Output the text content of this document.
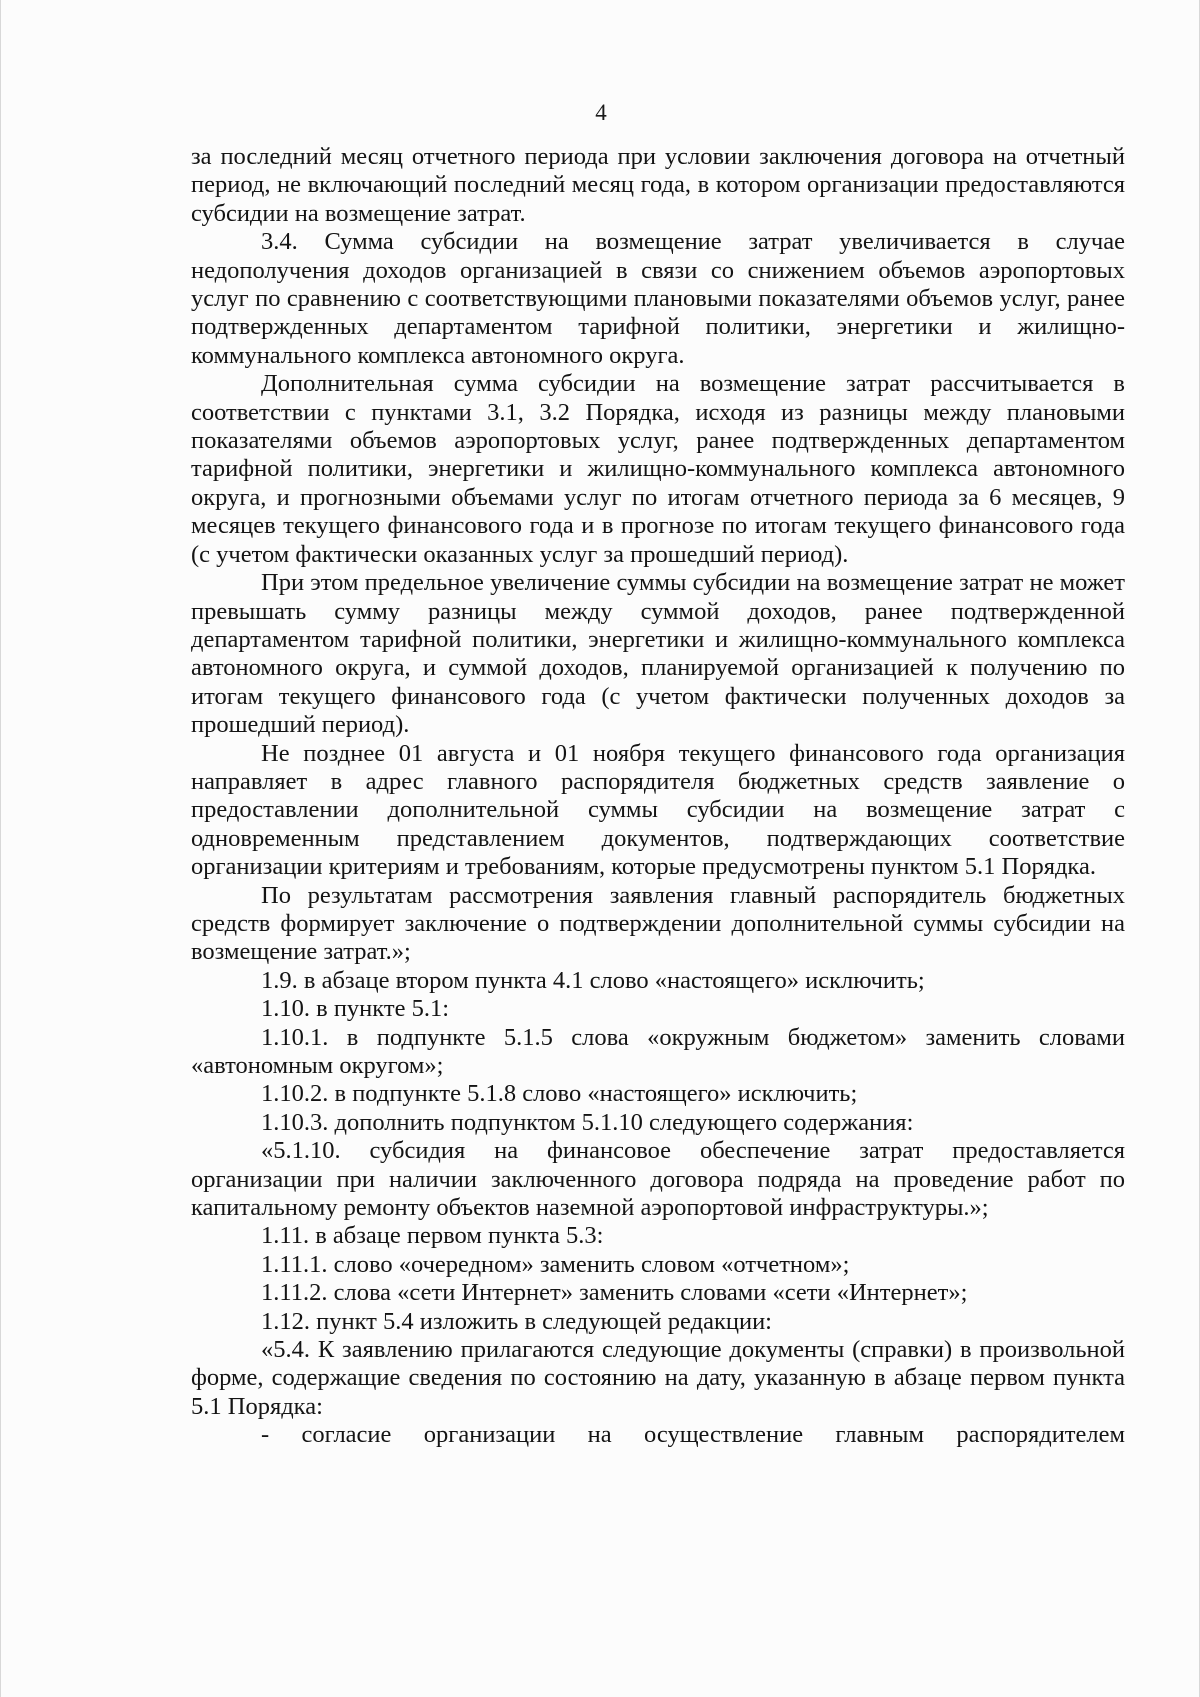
4

за последний месяц отчетного периода при условии заключения договора на отчетный период, не включающий последний месяц года, в котором организации предоставляются субсидии на возмещение затрат.

3.4. Сумма субсидии на возмещение затрат увеличивается в случае недополучения доходов организацией в связи со снижением объемов аэропортовых услуг по сравнению с соответствующими плановыми показателями объемов услуг, ранее подтвержденных департаментом тарифной политики, энергетики и жилищно-коммунального комплекса автономного округа.

Дополнительная сумма субсидии на возмещение затрат рассчитывается в соответствии с пунктами 3.1, 3.2 Порядка, исходя из разницы между плановыми показателями объемов аэропортовых услуг, ранее подтвержденных департаментом тарифной политики, энергетики и жилищно-коммунального комплекса автономного округа, и прогнозными объемами услуг по итогам отчетного периода за 6 месяцев, 9 месяцев текущего финансового года и в прогнозе по итогам текущего финансового года (с учетом фактически оказанных услуг за прошедший период).

При этом предельное увеличение суммы субсидии на возмещение затрат не может превышать сумму разницы между суммой доходов, ранее подтвержденной департаментом тарифной политики, энергетики и жилищно-коммунального комплекса автономного округа, и суммой доходов, планируемой организацией к получению по итогам текущего финансового года (с учетом фактически полученных доходов за прошедший период).

Не позднее 01 августа и 01 ноября текущего финансового года организация направляет в адрес главного распорядителя бюджетных средств заявление о предоставлении дополнительной суммы субсидии на возмещение затрат с одновременным представлением документов, подтверждающих соответствие организации критериям и требованиям, которые предусмотрены пунктом 5.1 Порядка.

По результатам рассмотрения заявления главный распорядитель бюджетных средств формирует заключение о подтверждении дополнительной суммы субсидии на возмещение затрат.»;

1.9. в абзаце втором пункта 4.1 слово «настоящего» исключить;

1.10. в пункте 5.1:

1.10.1. в подпункте 5.1.5 слова «окружным бюджетом» заменить словами «автономным округом»;

1.10.2. в подпункте 5.1.8 слово «настоящего» исключить;

1.10.3. дополнить подпунктом 5.1.10 следующего содержания:

«5.1.10. субсидия на финансовое обеспечение затрат предоставляется организации при наличии заключенного договора подряда на проведение работ по капитальному ремонту объектов наземной аэропортовой инфраструктуры.»;

1.11. в абзаце первом пункта 5.3:

1.11.1. слово «очередном» заменить словом «отчетном»;

1.11.2. слова «сети Интернет» заменить словами «сети «Интернет»;

1.12. пункт 5.4 изложить в следующей редакции:

«5.4. К заявлению прилагаются следующие документы (справки) в произвольной форме, содержащие сведения по состоянию на дату, указанную в абзаце первом пункта 5.1 Порядка:

- согласие организации на осуществление главным распорядителем
